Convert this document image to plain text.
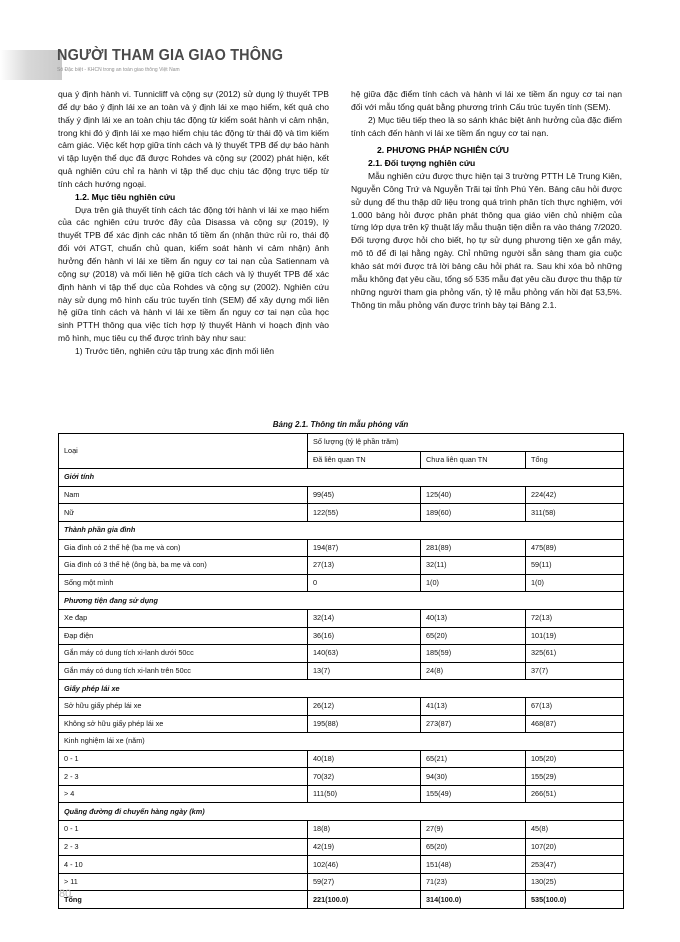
NGƯỜI THAM GIA GIAO THÔNG
Số Đặc biệt - KHCN trong an toàn giao thông Việt Nam

qua ý định hành vi. Tunnicliff và cộng sự (2012) sử dụng lý thuyết TPB để dự báo ý định lái xe an toàn và ý định lái xe mạo hiểm, kết quả cho thấy ý định lái xe an toàn chịu tác động từ kiểm soát hành vi cảm nhận, trong khi đó ý định lái xe mạo hiểm chịu tác động từ thái độ và tìm kiếm cảm giác. Việc kết hợp giữa tính cách và lý thuyết TPB để dự báo hành vi tập luyện thể dục đã được Rohdes và cộng sự (2002) phát hiện, kết quả nghiên cứu chỉ ra hành vi tập thể dục chịu tác động trực tiếp từ tính cách hướng ngoại.

1.2. Mục tiêu nghiên cứu

Dựa trên giả thuyết tính cách tác động tới hành vi lái xe mạo hiểm của các nghiên cứu trước đây của Disassa và cộng sự (2019), lý thuyết TPB để xác định các nhân tố tiềm ẩn (nhận thức rủi ro, thái độ đối với ATGT, chuẩn chủ quan, kiểm soát hành vi cảm nhận) ảnh hưởng đến hành vi lái xe tiềm ẩn nguy cơ tai nạn của Satiennam và cộng sự (2018) và mối liên hệ giữa tích cách và lý thuyết TPB để xác định hành vi tập thể dục của Rohdes và cộng sự (2002). Nghiên cứu này sử dụng mô hình cấu trúc tuyến tính (SEM) để xây dựng mối liên hệ giữa tính cách và hành vi lái xe tiềm ẩn nguy cơ tai nạn của học sinh PTTH thông qua việc tích hợp lý thuyết Hành vi hoạch định vào mô hình, mục tiêu cụ thể được trình bày như sau:

1) Trước tiên, nghiên cứu tập trung xác định mối liên

hệ giữa đặc điểm tính cách và hành vi lái xe tiềm ẩn nguy cơ tai nạn đối với mẫu tổng quát bằng phương trình Cấu trúc tuyến tính (SEM).

2) Mục tiêu tiếp theo là so sánh khác biệt ảnh hưởng của đặc điểm tính cách đến hành vi lái xe tiềm ẩn nguy cơ tai nạn.

2. PHƯƠNG PHÁP NGHIÊN CỨU
2.1. Đối tượng nghiên cứu

Mẫu nghiên cứu được thực hiện tại 3 trường PTTH Lê Trung Kiên, Nguyễn Công Trứ và Nguyễn Trãi tại tỉnh Phú Yên. Bảng câu hỏi được sử dụng để thu thập dữ liệu trong quá trình phân tích thực nghiệm, với 1.000 bảng hỏi được phân phát thông qua giáo viên chủ nhiệm của từng lớp dựa trên kỹ thuật lấy mẫu thuận tiện diễn ra vào tháng 7/2020. Đối tượng được hỏi cho biết, họ tự sử dụng phương tiện xe gắn máy, mô tô để đi lại hằng ngày. Chỉ những người sẵn sàng tham gia cuộc khảo sát mới được trả lời bảng câu hỏi phát ra. Sau khi xóa bỏ những mẫu không đạt yêu cầu, tổng số 535 mẫu đạt yêu cầu được thu thập từ những người tham gia phỏng vấn, tỷ lệ mẫu phỏng vấn hồi đạt 53,5%. Thông tin mẫu phỏng vấn được trình bày tại Bảng 2.1.

Bảng 2.1. Thông tin mẫu phỏng vấn
Loại	Số lượng (tỷ lệ phần trăm)		
	Đã liên quan TN	Chưa liên quan TN	Tổng
Giới tính			
Nam	99(45)	125(40)	224(42)
Nữ	122(55)	189(60)	311(58)
Thành phần gia đình			
Gia đình có 2 thế hệ (ba mẹ và con)	194(87)	281(89)	475(89)
Gia đình có 3 thế hệ (ông bà, ba mẹ và con)	27(13)	32(11)	59(11)
Sống một mình	0	1(0)	1(0)
Phương tiện đang sử dụng			
Xe đạp	32(14)	40(13)	72(13)
Đạp điện	36(16)	65(20)	101(19)
Gắn máy có dung tích xi-lanh dưới 50cc	140(63)	185(59)	325(61)
Gắn máy có dung tích xi-lanh trên 50cc	13(7)	24(8)	37(7)
Giấy phép lái xe			
Sở hữu giấy phép lái xe	26(12)	41(13)	67(13)
Không sở hữu giấy phép lái xe	195(88)	273(87)	468(87)
Kinh nghiệm lái xe (năm)			
0 - 1	40(18)	65(21)	105(20)
2 - 3	70(32)	94(30)	155(29)
> 4	111(50)	155(49)	266(51)
Quãng đường đi chuyển hàng ngày (km)			
0 - 1	18(8)	27(9)	45(8)
2 - 3	42(19)	65(20)	107(20)
4 - 10	102(46)	151(48)	253(47)
> 11	59(27)	71(23)	130(25)
Tổng	221(100.0)	314(100.0)	535(100.0)
80
